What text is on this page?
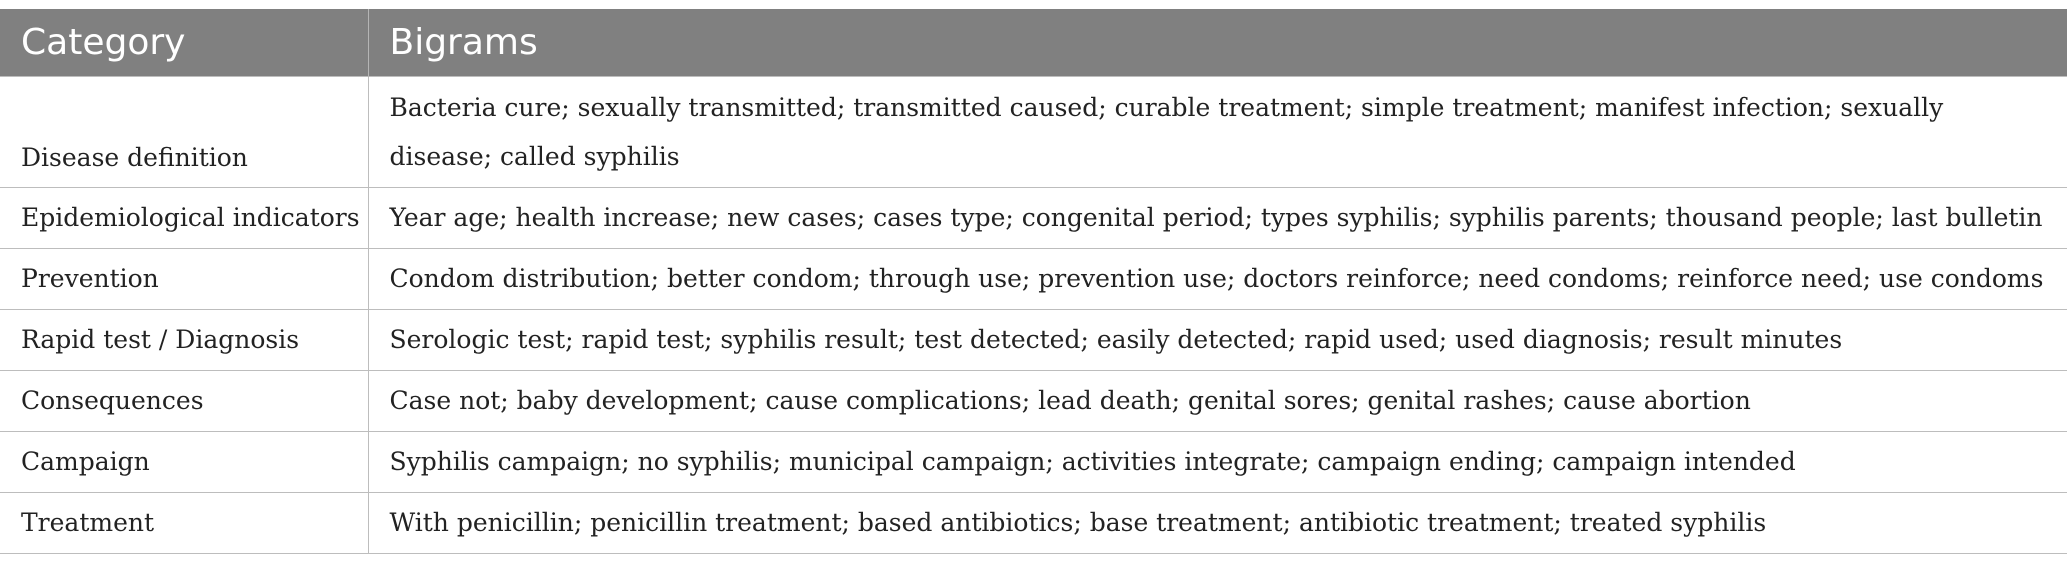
Category	Bigrams
Disease definition	Bacteria cure; sexually transmitted; transmitted caused; curable treatment; simple treatment; manifest infection; sexually disease; called syphilis
Epidemiological indicators	Year age; health increase; new cases; cases type; congenital period; types syphilis; syphilis parents; thousand people; last bulletin
Prevention	Condom distribution; better condom; through use; prevention use; doctors reinforce; need condoms; reinforce need; use condoms
Rapid test / Diagnosis	Serologic test; rapid test; syphilis result; test detected; easily detected; rapid used; used diagnosis; result minutes
Consequences	Case not; baby development; cause complications; lead death; genital sores; genital rashes; cause abortion
Campaign	Syphilis campaign; no syphilis; municipal campaign; activities integrate; campaign ending; campaign intended
Treatment	With penicillin; penicillin treatment; based antibiotics; base treatment; antibiotic treatment; treated syphilis
